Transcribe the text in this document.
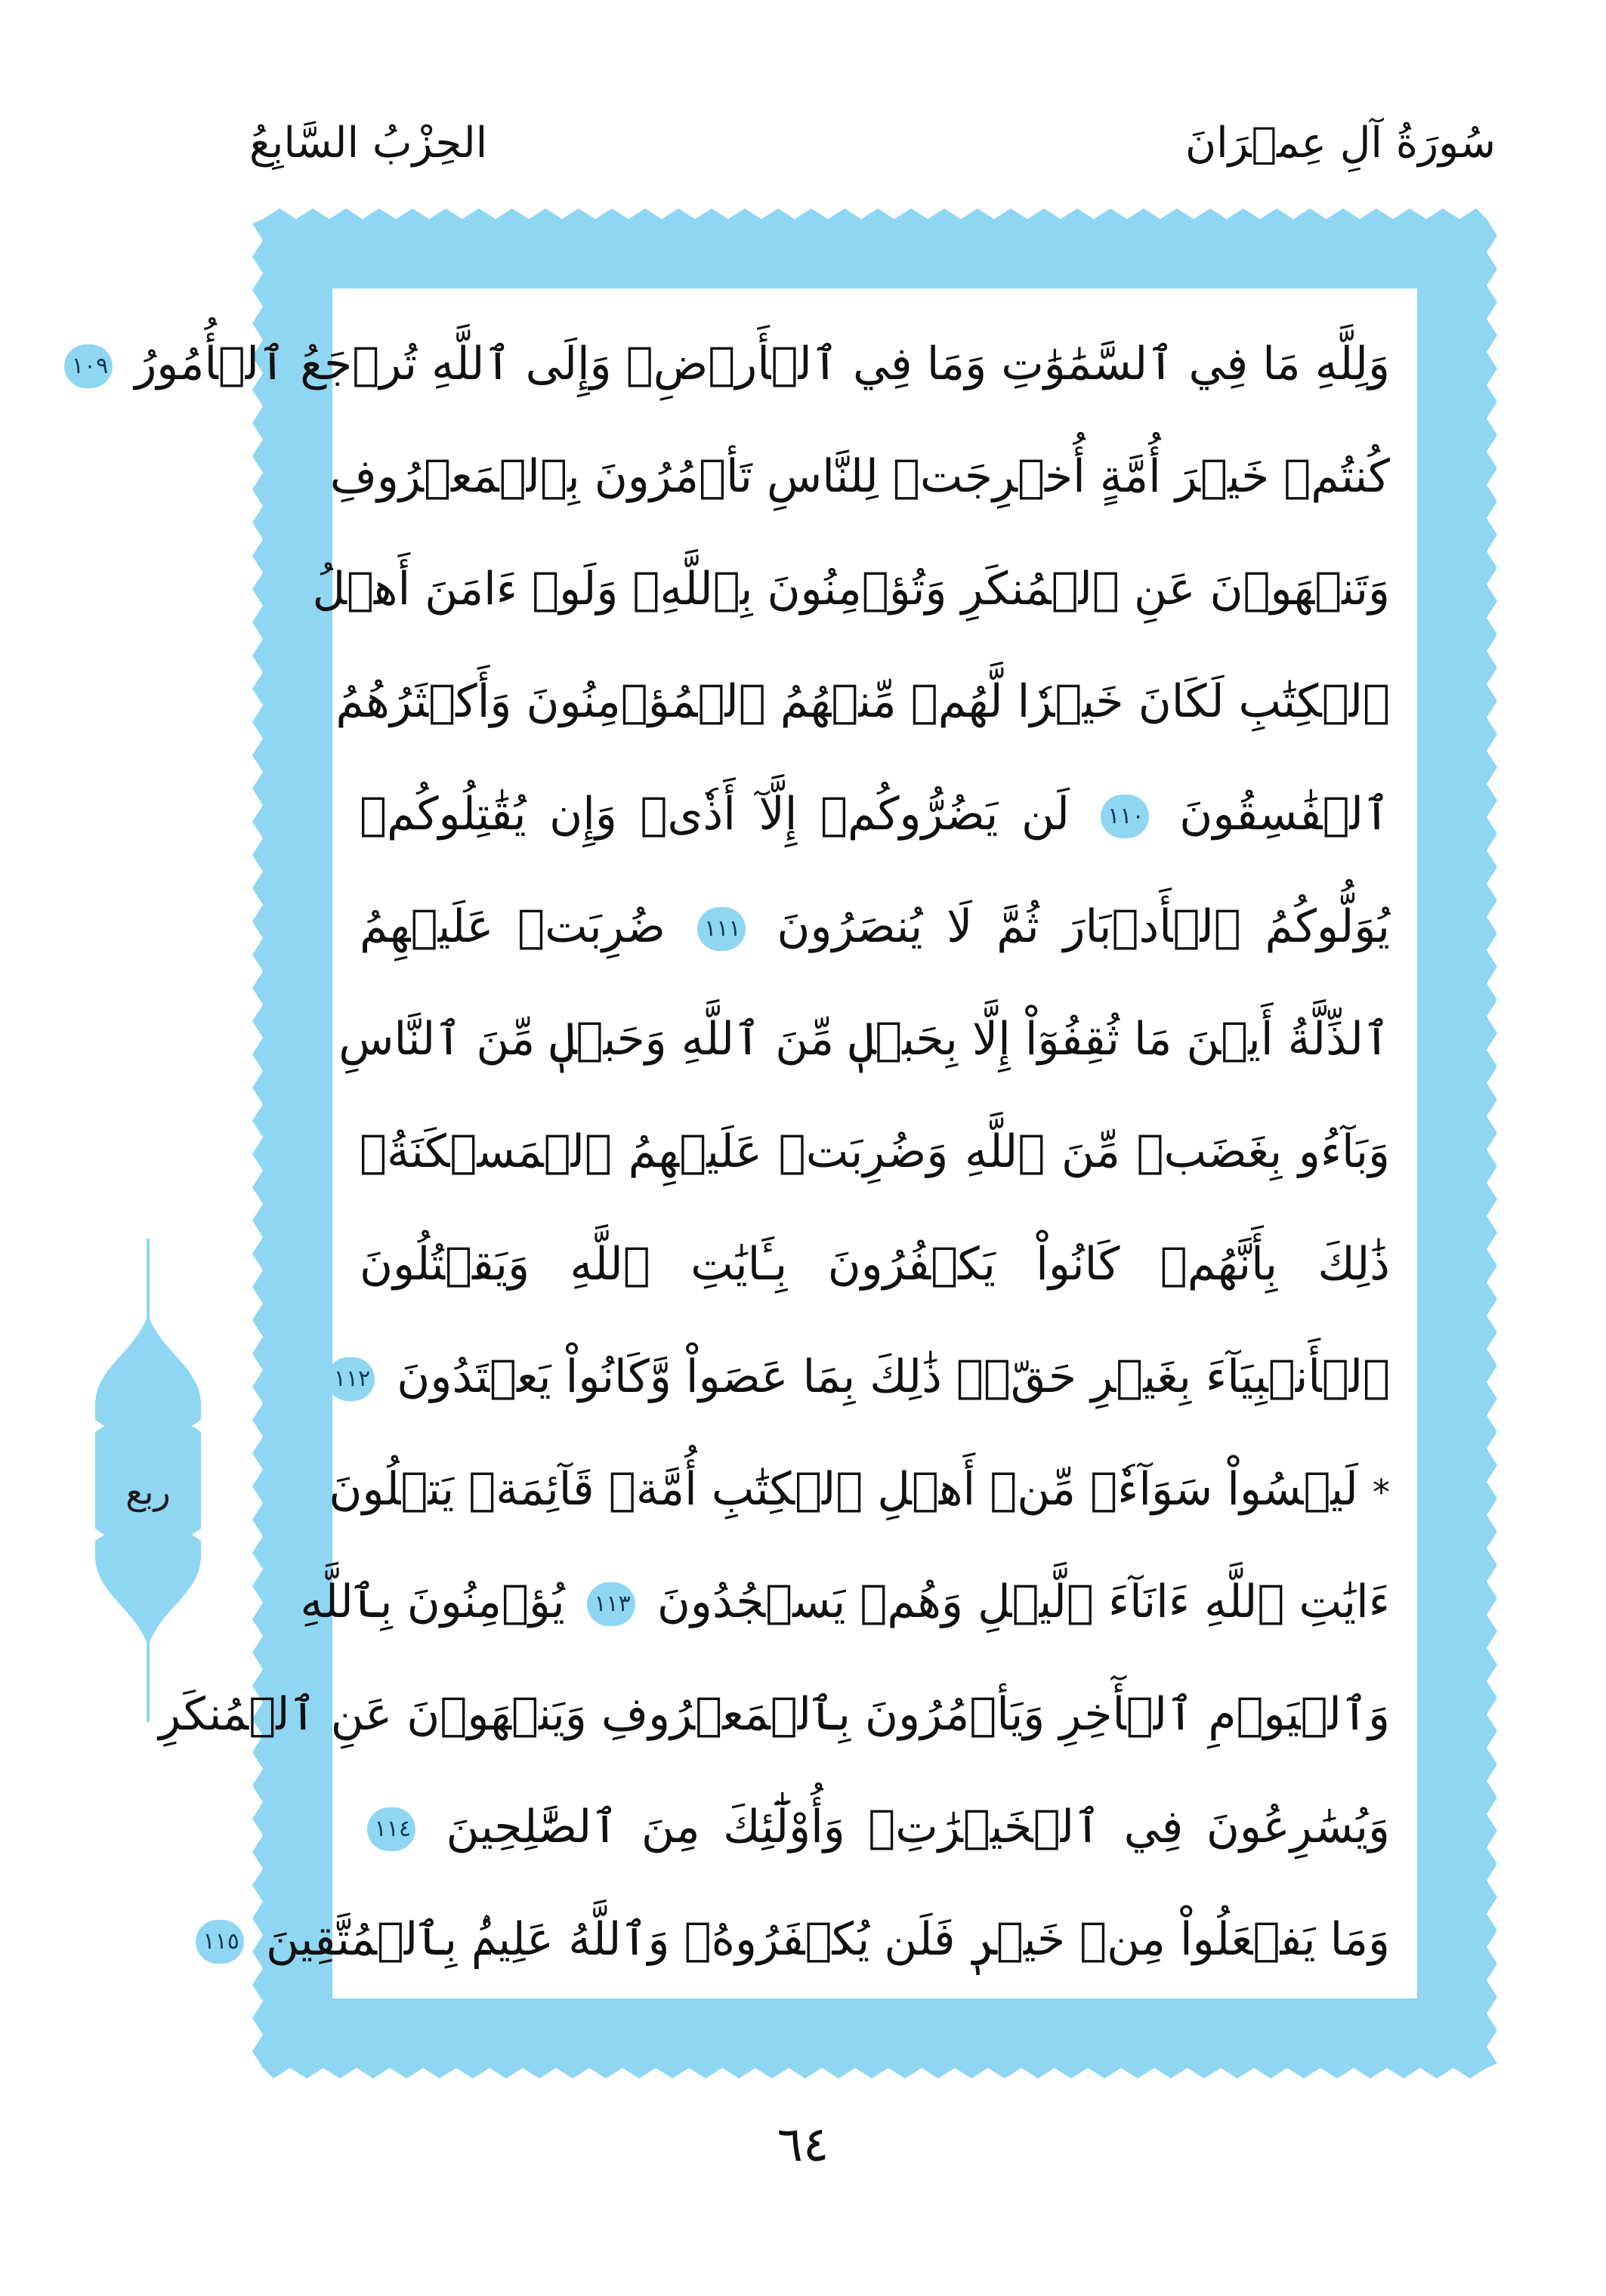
سُورَةُ آلِ عِمۡرَانَ
الحِزْبُ السَّابِعُ
وَلِلَّهِ مَا فِي ٱلسَّمَٰوَٰتِ وَمَا فِي ٱلۡأَرۡضِۚ وَإِلَى ٱللَّهِ تُرۡجَعُ ٱلۡأُمُورُ ١٠٩
كُنتُمۡ خَيۡرَ أُمَّةٍ أُخۡرِجَتۡ لِلنَّاسِ تَأۡمُرُونَ بِٱلۡمَعۡرُوفِ
وَتَنۡهَوۡنَ عَنِ ٱلۡمُنكَرِ وَتُؤۡمِنُونَ بِٱللَّهِۗ وَلَوۡ ءَامَنَ أَهۡلُ
ٱلۡكِتَٰبِ لَكَانَ خَيۡرٗا لَّهُمۚ مِّنۡهُمُ ٱلۡمُؤۡمِنُونَ وَأَكۡثَرُهُمُ
ٱلۡفَٰسِقُونَ ١١٠ لَن يَضُرُّوكُمۡ إِلَّآ أَذٗىۖ وَإِن يُقَٰتِلُوكُمۡ
يُوَلُّوكُمُ ٱلۡأَدۡبَارَ ثُمَّ لَا يُنصَرُونَ ١١١ ضُرِبَتۡ عَلَيۡهِمُ
ٱلذِّلَّةُ أَيۡنَ مَا ثُقِفُوٓاْ إِلَّا بِحَبۡلٖ مِّنَ ٱللَّهِ وَحَبۡلٖ مِّنَ ٱلنَّاسِ
وَبَآءُو بِغَضَبٖ مِّنَ ٱللَّهِ وَضُرِبَتۡ عَلَيۡهِمُ ٱلۡمَسۡكَنَةُۚ
ذَٰلِكَ بِأَنَّهُمۡ كَانُواْ يَكۡفُرُونَ بِـَٔايَٰتِ ٱللَّهِ وَيَقۡتُلُونَ
ٱلۡأَنۢبِيَآءَ بِغَيۡرِ حَقّٖۚ ذَٰلِكَ بِمَا عَصَواْ وَّكَانُواْ يَعۡتَدُونَ ١١٢
* لَيۡسُواْ سَوَآءٗۗ مِّنۡ أَهۡلِ ٱلۡكِتَٰبِ أُمَّةٞ قَآئِمَةٞ يَتۡلُونَ
ءَايَٰتِ ٱللَّهِ ءَانَآءَ ٱلَّيۡلِ وَهُمۡ يَسۡجُدُونَ ١١٣ يُؤۡمِنُونَ بِٱللَّهِ
وَٱلۡيَوۡمِ ٱلۡأٓخِرِ وَيَأۡمُرُونَ بِٱلۡمَعۡرُوفِ وَيَنۡهَوۡنَ عَنِ ٱلۡمُنكَرِ
وَيُسَٰرِعُونَ فِي ٱلۡخَيۡرَٰتِۖ وَأُوْلَٰٓئِكَ مِنَ ٱلصَّٰلِحِينَ ١١٤
وَمَا يَفۡعَلُواْ مِنۡ خَيۡرٖ فَلَن يُكۡفَرُوهُۗ وَٱللَّهُ عَلِيمُۢ بِٱلۡمُتَّقِينَ ١١٥
ربع
٦٤
